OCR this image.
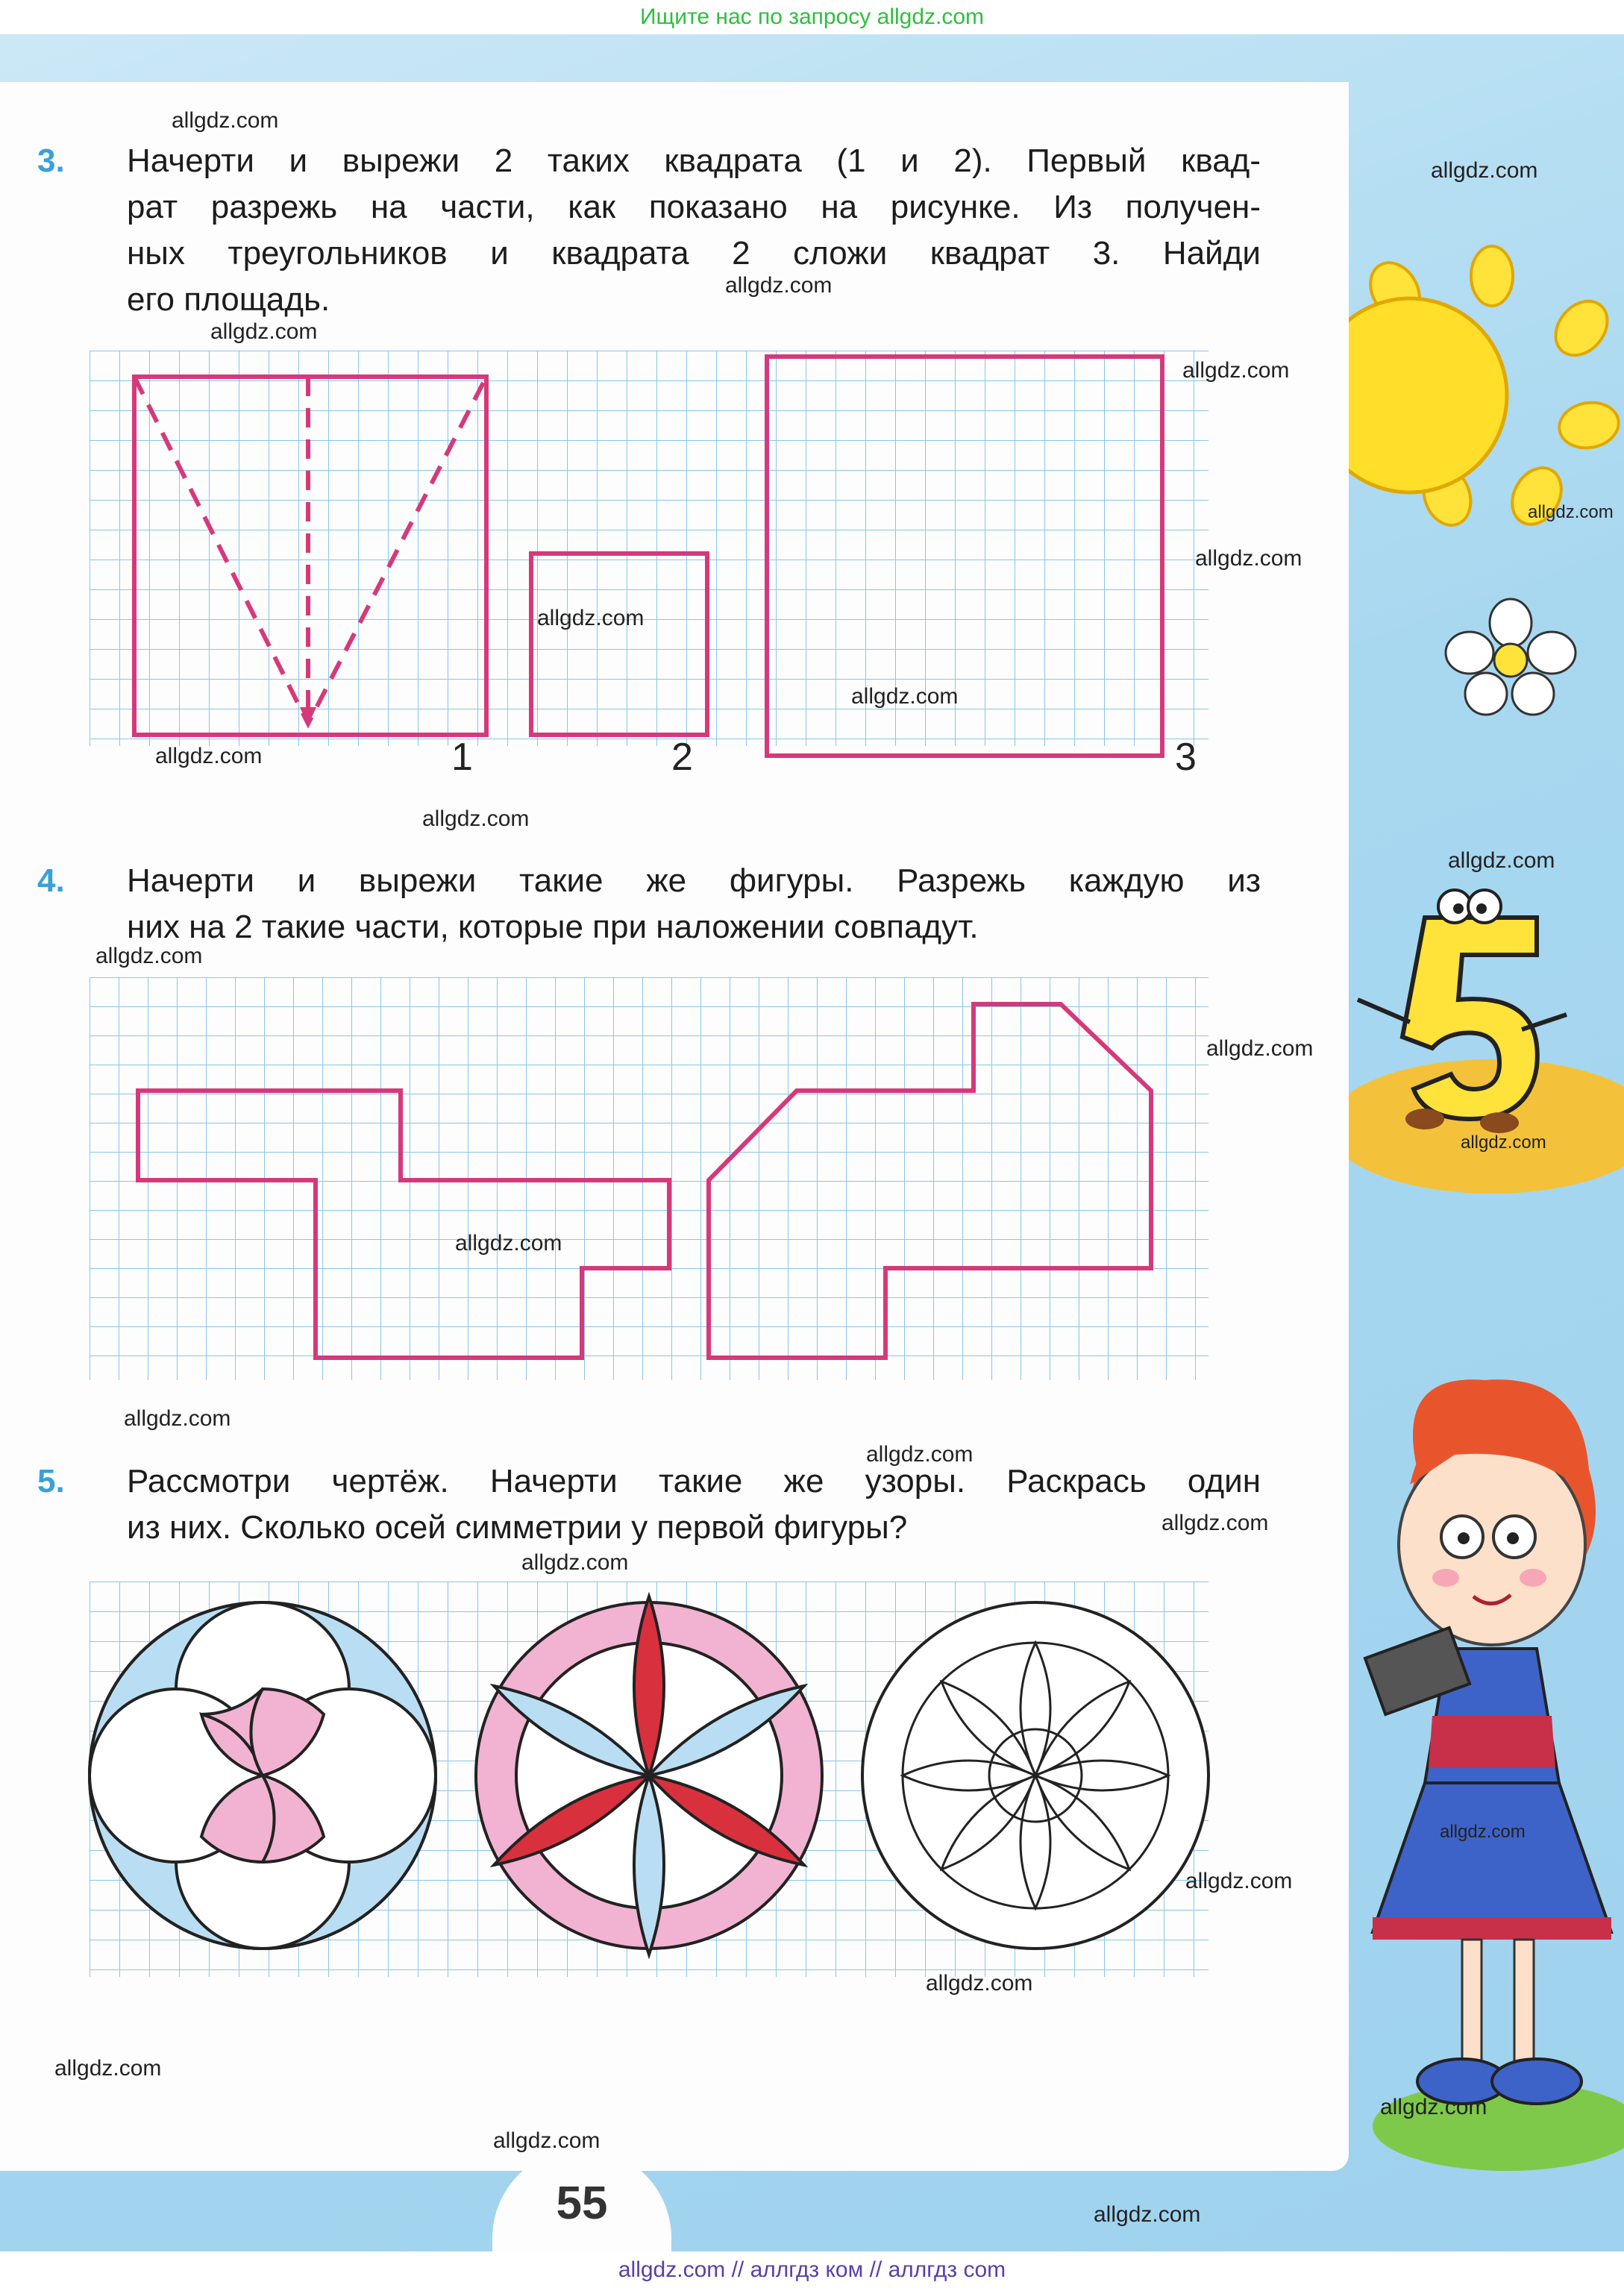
Ищите нас по запросу allgdz.com
3. Начерти и вырежи 2 таких квадрата (1 и 2). Первый квад-
рат разрежь на части, как показано на рисунке. Из получен-
ных треугольников и квадрата 2 сложи квадрат 3. Найди
его площадь.
1	2	3
4. Начерти и вырежи такие же фигуры. Разрежь каждую из
них на 2 такие части, которые при наложении совпадут.
5. Рассмотри чертёж. Начерти такие же узоры. Раскрась один
из них. Сколько осей симметрии у первой фигуры?
55
allgdz.com
allgdz.com
allgdz.com
allgdz.com
allgdz.com
allgdz.com
allgdz.com
allgdz.com
allgdz.com
allgdz.com
allgdz.com
allgdz.com
allgdz.com
allgdz.com
allgdz.com
allgdz.com
allgdz.com
allgdz.com
allgdz.com
allgdz.com
allgdz.com
allgdz.com
allgdz.com
allgdz.com
allgdz.com
allgdz.com
allgdz.com
allgdz.com // аллгдз ком // аллгдз com
